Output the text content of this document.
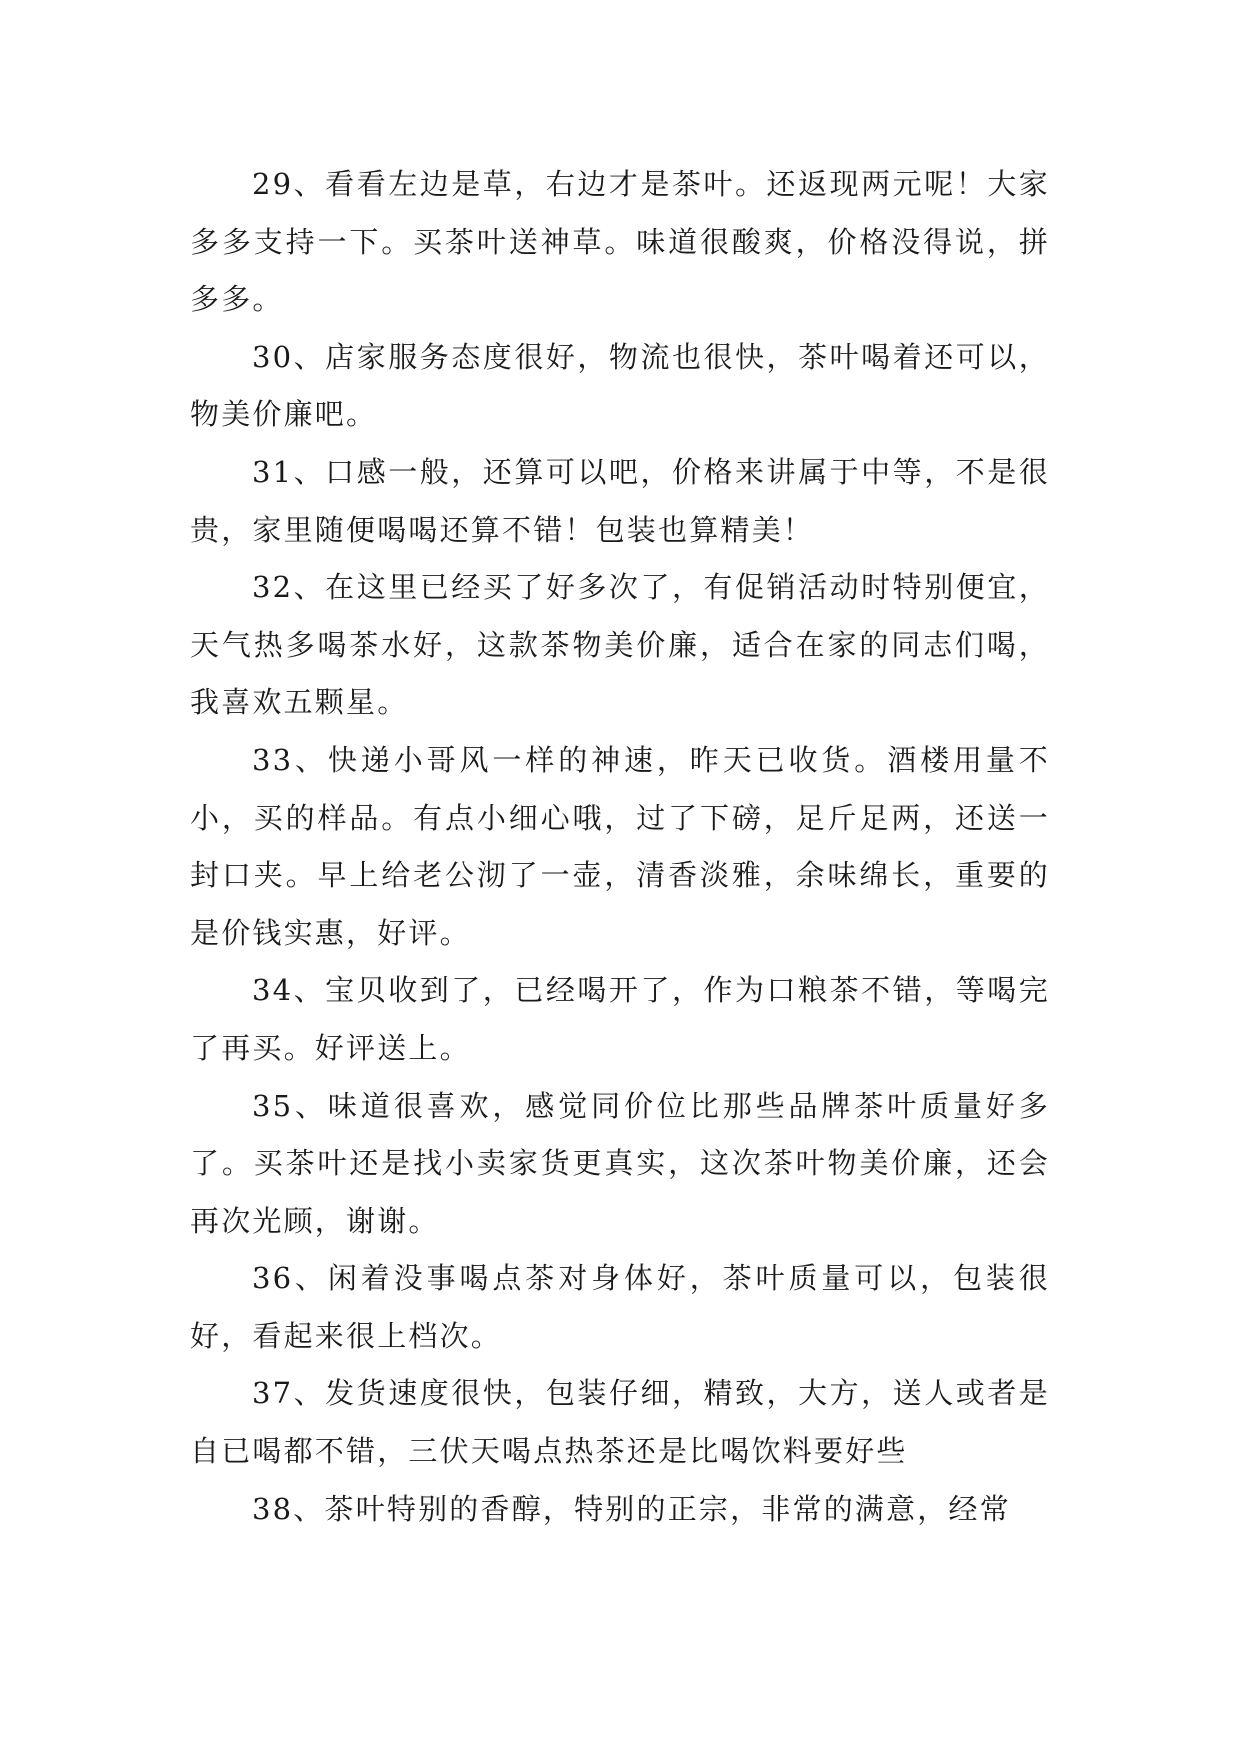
29、看看左边是草，右边才是茶叶。还返现两元呢！大家多多支持一下。买茶叶送神草。味道很酸爽，价格没得说，拼多多。

30、店家服务态度很好，物流也很快，茶叶喝着还可以，物美价廉吧。

31、口感一般，还算可以吧，价格来讲属于中等，不是很贵，家里随便喝喝还算不错！包装也算精美！

32、在这里已经买了好多次了，有促销活动时特别便宜，天气热多喝茶水好，这款茶物美价廉，适合在家的同志们喝，我喜欢五颗星。

33、快递小哥风一样的神速，昨天已收货。酒楼用量不小，买的样品。有点小细心哦，过了下磅，足斤足两，还送一封口夹。早上给老公沏了一壶，清香淡雅，余味绵长，重要的是价钱实惠，好评。

34、宝贝收到了，已经喝开了，作为口粮茶不错，等喝完了再买。好评送上。

35、味道很喜欢，感觉同价位比那些品牌茶叶质量好多了。买茶叶还是找小卖家货更真实，这次茶叶物美价廉，还会再次光顾，谢谢。

36、闲着没事喝点茶对身体好，茶叶质量可以，包装很好，看起来很上档次。

37、发货速度很快，包装仔细，精致，大方，送人或者是自已喝都不错，三伏天喝点热茶还是比喝饮料要好些

38、茶叶特别的香醇，特别的正宗，非常的满意，经常
